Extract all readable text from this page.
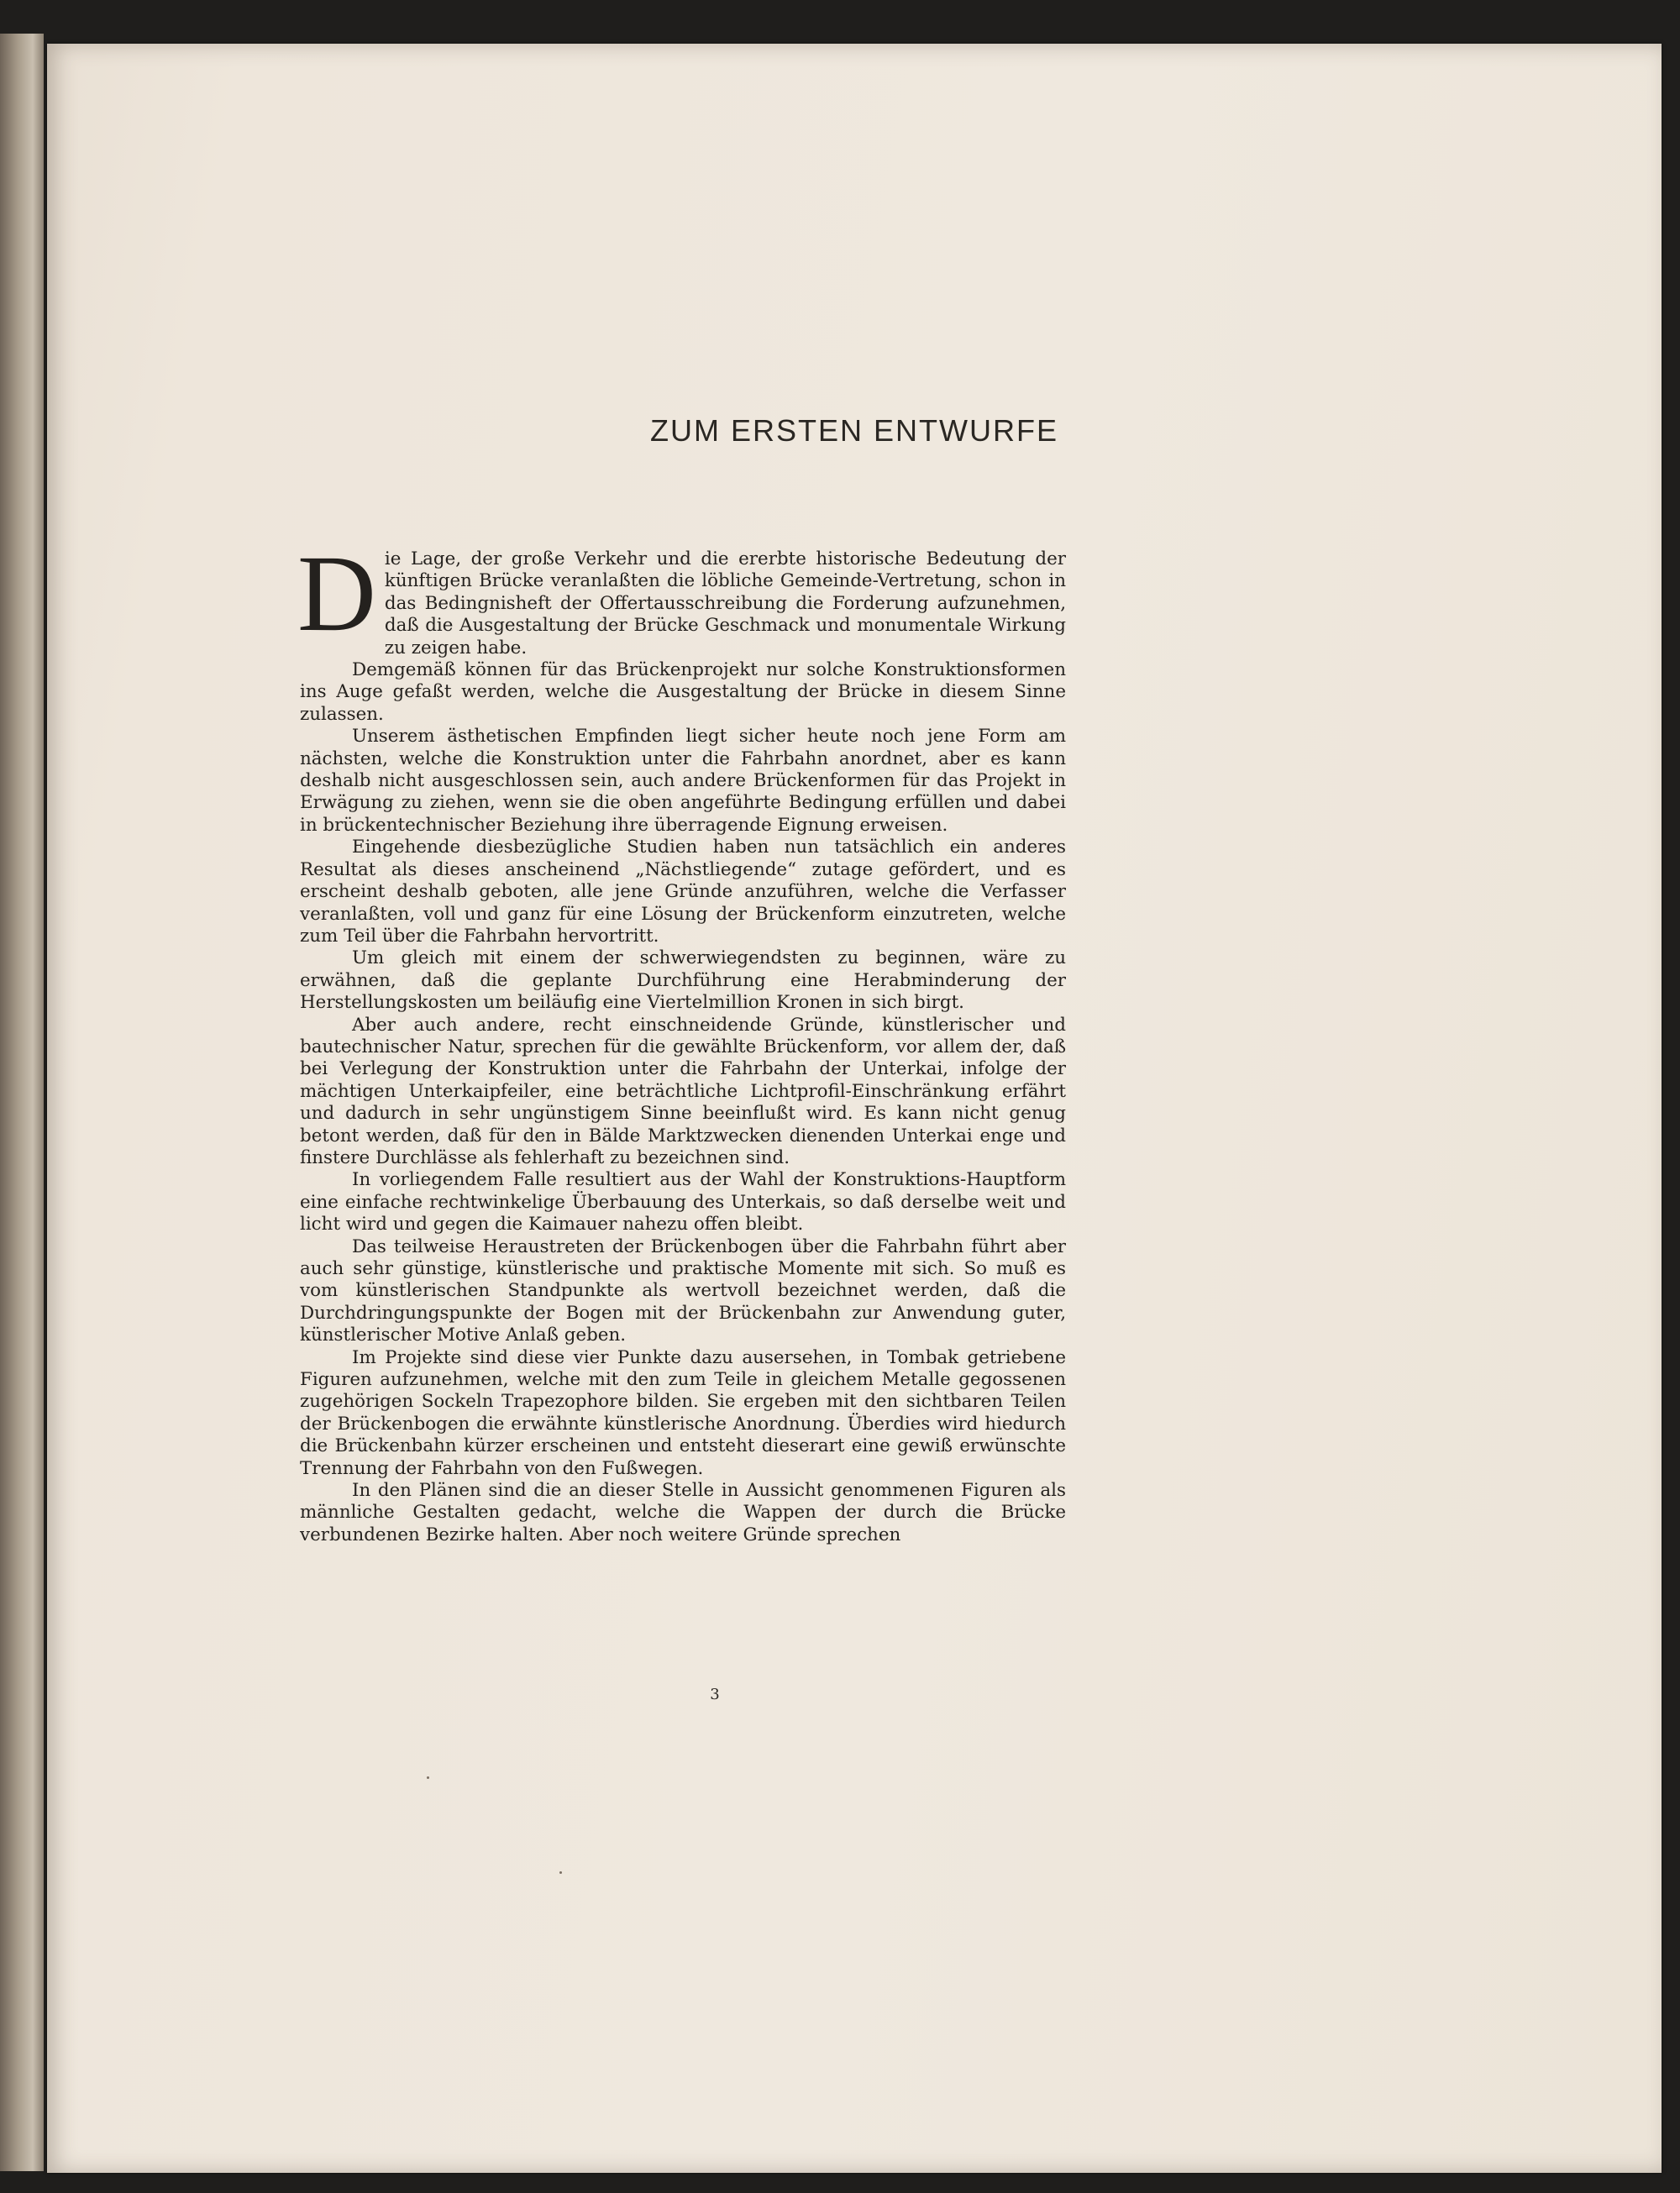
ZUM ERSTEN ENTWURFE

Die Lage, der große Verkehr und die ererbte historische Bedeutung der künftigen Brücke veranlaßten die löbliche Gemeinde-Vertretung, schon in das Bedingnisheft der Offertausschreibung die Forderung aufzunehmen, daß die Ausgestaltung der Brücke Geschmack und monumentale Wirkung zu zeigen habe.

Demgemäß können für das Brückenprojekt nur solche Konstruktionsformen ins Auge gefaßt werden, welche die Ausgestaltung der Brücke in diesem Sinne zulassen.

Unserem ästhetischen Empfinden liegt sicher heute noch jene Form am nächsten, welche die Konstruktion unter die Fahrbahn anordnet, aber es kann deshalb nicht ausgeschlossen sein, auch andere Brückenformen für das Projekt in Erwägung zu ziehen, wenn sie die oben angeführte Bedingung erfüllen und dabei in brückentechnischer Beziehung ihre überragende Eignung erweisen.

Eingehende diesbezügliche Studien haben nun tatsächlich ein anderes Resultat als dieses anscheinend „Nächstliegende“ zutage gefördert, und es erscheint deshalb geboten, alle jene Gründe anzuführen, welche die Verfasser veranlaßten, voll und ganz für eine Lösung der Brückenform einzutreten, welche zum Teil über die Fahrbahn hervortritt.

Um gleich mit einem der schwerwiegendsten zu beginnen, wäre zu erwähnen, daß die geplante Durchführung eine Herabminderung der Herstellungskosten um beiläufig eine Viertelmillion Kronen in sich birgt.

Aber auch andere, recht einschneidende Gründe, künstlerischer und bautechnischer Natur, sprechen für die gewählte Brückenform, vor allem der, daß bei Verlegung der Konstruktion unter die Fahrbahn der Unterkai, infolge der mächtigen Unterkaipfeiler, eine beträchtliche Lichtprofil-Einschränkung erfährt und dadurch in sehr ungünstigem Sinne beeinflußt wird. Es kann nicht genug betont werden, daß für den in Bälde Marktzwecken dienenden Unterkai enge und finstere Durchlässe als fehlerhaft zu bezeichnen sind.

In vorliegendem Falle resultiert aus der Wahl der Konstruktions-Hauptform eine einfache rechtwinkelige Überbauung des Unterkais, so daß derselbe weit und licht wird und gegen die Kaimauer nahezu offen bleibt.

Das teilweise Heraustreten der Brückenbogen über die Fahrbahn führt aber auch sehr günstige, künstlerische und praktische Momente mit sich. So muß es vom künstlerischen Standpunkte als wertvoll bezeichnet werden, daß die Durchdringungspunkte der Bogen mit der Brückenbahn zur Anwendung guter, künstlerischer Motive Anlaß geben.

Im Projekte sind diese vier Punkte dazu ausersehen, in Tombak getriebene Figuren aufzunehmen, welche mit den zum Teile in gleichem Metalle gegossenen zugehörigen Sockeln Trapezophore bilden. Sie ergeben mit den sichtbaren Teilen der Brückenbogen die erwähnte künstlerische Anordnung. Überdies wird hiedurch die Brückenbahn kürzer erscheinen und entsteht dieserart eine gewiß erwünschte Trennung der Fahrbahn von den Fußwegen.

In den Plänen sind die an dieser Stelle in Aussicht genommenen Figuren als männliche Gestalten gedacht, welche die Wappen der durch die Brücke verbundenen Bezirke halten. Aber noch weitere Gründe sprechen

3
